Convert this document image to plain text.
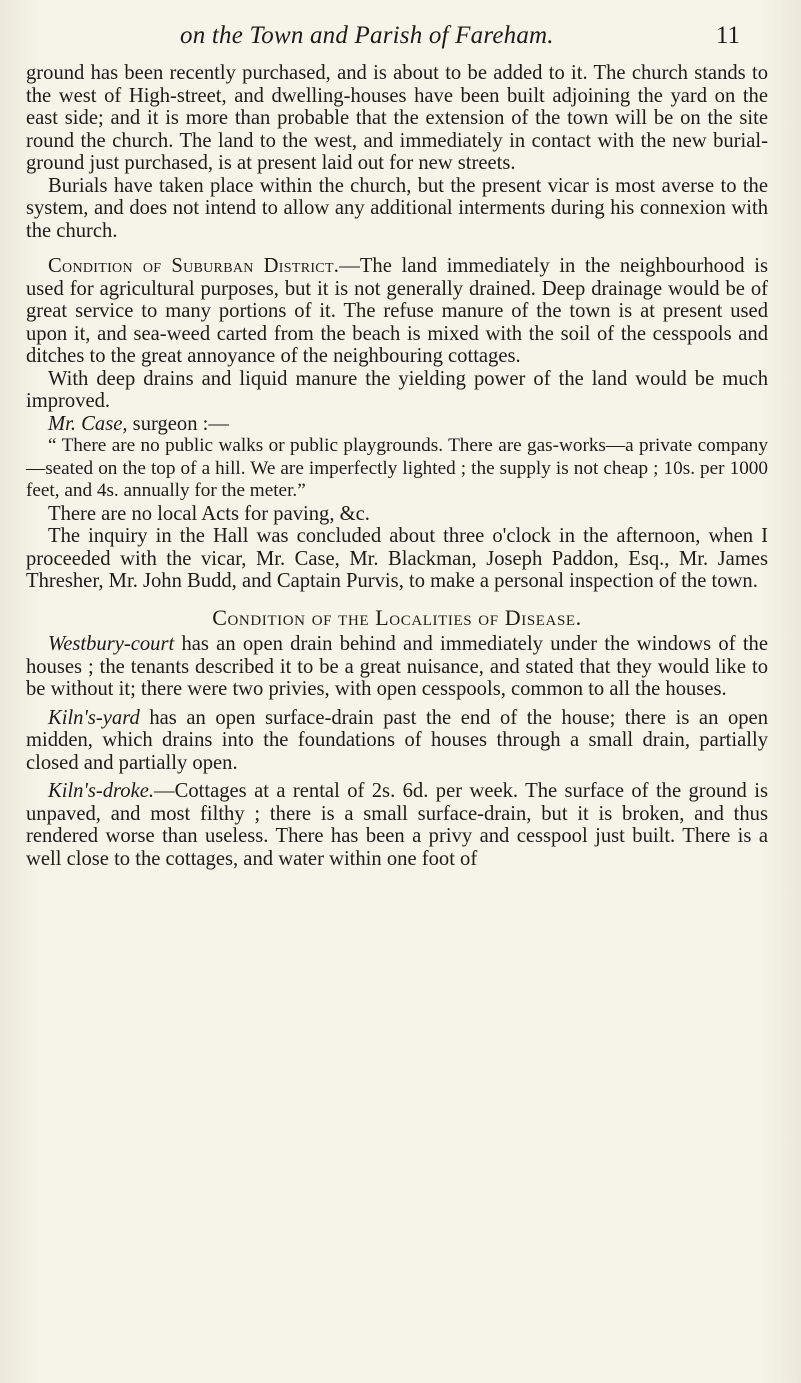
on the Town and Parish of Fareham.	11

ground has been recently purchased, and is about to be added to it. The church stands to the west of High-street, and dwelling-houses have been built adjoining the yard on the east side; and it is more than probable that the extension of the town will be on the site round the church. The land to the west, and immediately in contact with the new burial-ground just purchased, is at present laid out for new streets.

Burials have taken place within the church, but the present vicar is most averse to the system, and does not intend to allow any additional interments during his connexion with the church.

Condition of Suburban District.—The land immediately in the neighbourhood is used for agricultural purposes, but it is not generally drained. Deep drainage would be of great service to many portions of it. The refuse manure of the town is at present used upon it, and sea-weed carted from the beach is mixed with the soil of the cesspools and ditches to the great annoyance of the neighbouring cottages.

With deep drains and liquid manure the yielding power of the land would be much improved.

Mr. Case, surgeon :—

“ There are no public walks or public playgrounds. There are gas-works—a private company—seated on the top of a hill. We are imperfectly lighted ; the supply is not cheap ; 10s. per 1000 feet, and 4s. annually for the meter.”

There are no local Acts for paving, &c.

The inquiry in the Hall was concluded about three o'clock in the afternoon, when I proceeded with the vicar, Mr. Case, Mr. Blackman, Joseph Paddon, Esq., Mr. James Thresher, Mr. John Budd, and Captain Purvis, to make a personal inspection of the town.

Condition of the Localities of Disease.

Westbury-court has an open drain behind and immediately under the windows of the houses ; the tenants described it to be a great nuisance, and stated that they would like to be without it; there were two privies, with open cesspools, common to all the houses.

Kiln's-yard has an open surface-drain past the end of the house; there is an open midden, which drains into the foundations of houses through a small drain, partially closed and partially open.

Kiln's-droke.—Cottages at a rental of 2s. 6d. per week. The surface of the ground is unpaved, and most filthy ; there is a small surface-drain, but it is broken, and thus rendered worse than useless. There has been a privy and cesspool just built. There is a well close to the cottages, and water within one foot of
